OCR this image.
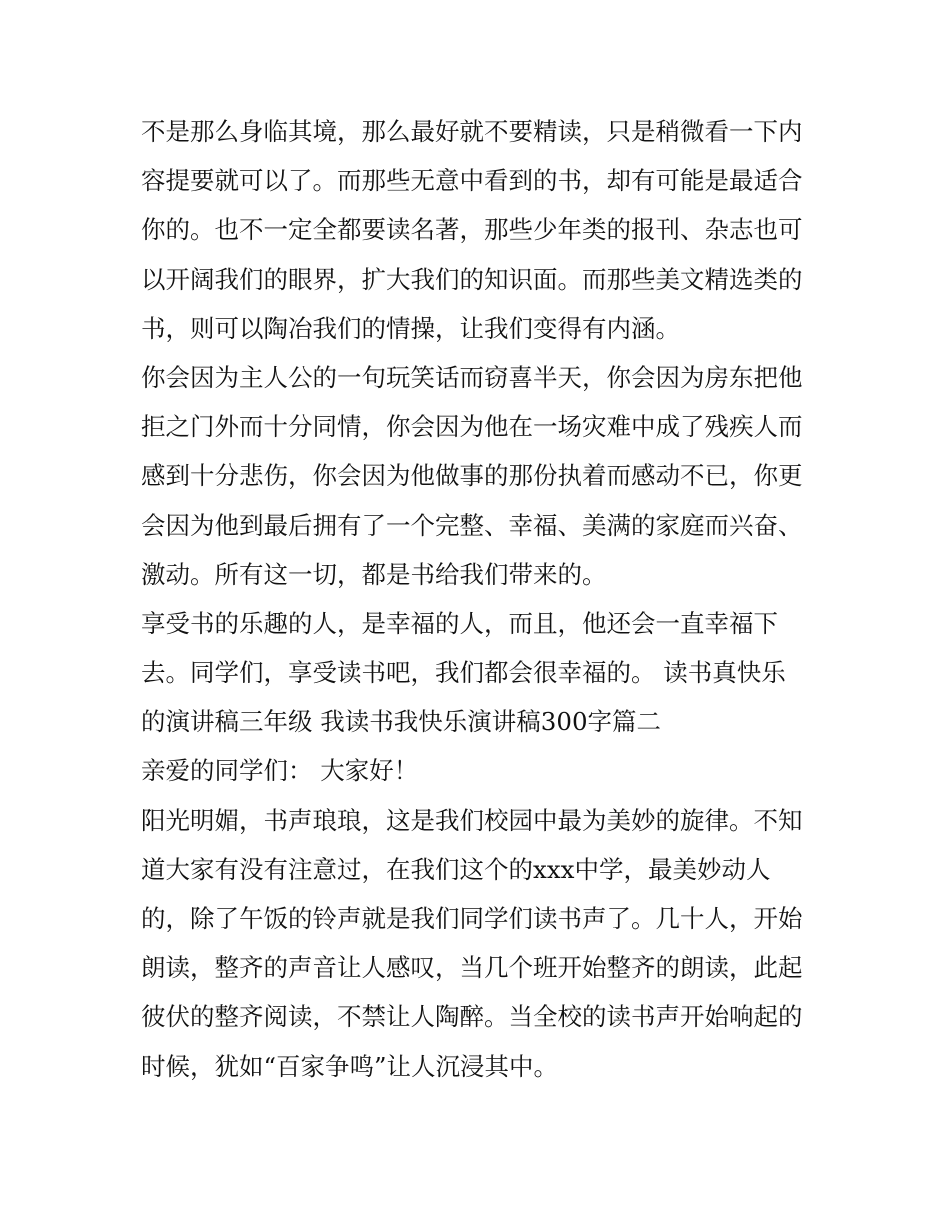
不是那么身临其境，那么最好就不要精读，只是稍微看一下内
容提要就可以了。而那些无意中看到的书，却有可能是最适合
你的。也不一定全都要读名著，那些少年类的报刊、杂志也可
以开阔我们的眼界，扩大我们的知识面。而那些美文精选类的
书，则可以陶冶我们的情操，让我们变得有内涵。
你会因为主人公的一句玩笑话而窃喜半天，你会因为房东把他
拒之门外而十分同情，你会因为他在一场灾难中成了残疾人而
感到十分悲伤，你会因为他做事的那份执着而感动不已，你更
会因为他到最后拥有了一个完整、幸福、美满的家庭而兴奋、
激动。所有这一切，都是书给我们带来的。
享受书的乐趣的人，是幸福的人，而且，他还会一直幸福下
去。同学们，享受读书吧，我们都会很幸福的。 读书真快乐
的演讲稿三年级 我读书我快乐演讲稿300字篇二
亲爱的同学们： 大家好！
阳光明媚，书声琅琅，这是我们校园中最为美妙的旋律。不知
道大家有没有注意过，在我们这个的xxx中学，最美妙动人
的，除了午饭的铃声就是我们同学们读书声了。几十人，开始
朗读，整齐的声音让人感叹，当几个班开始整齐的朗读，此起
彼伏的整齐阅读，不禁让人陶醉。当全校的读书声开始响起的
时候，犹如“百家争鸣”让人沉浸其中。
